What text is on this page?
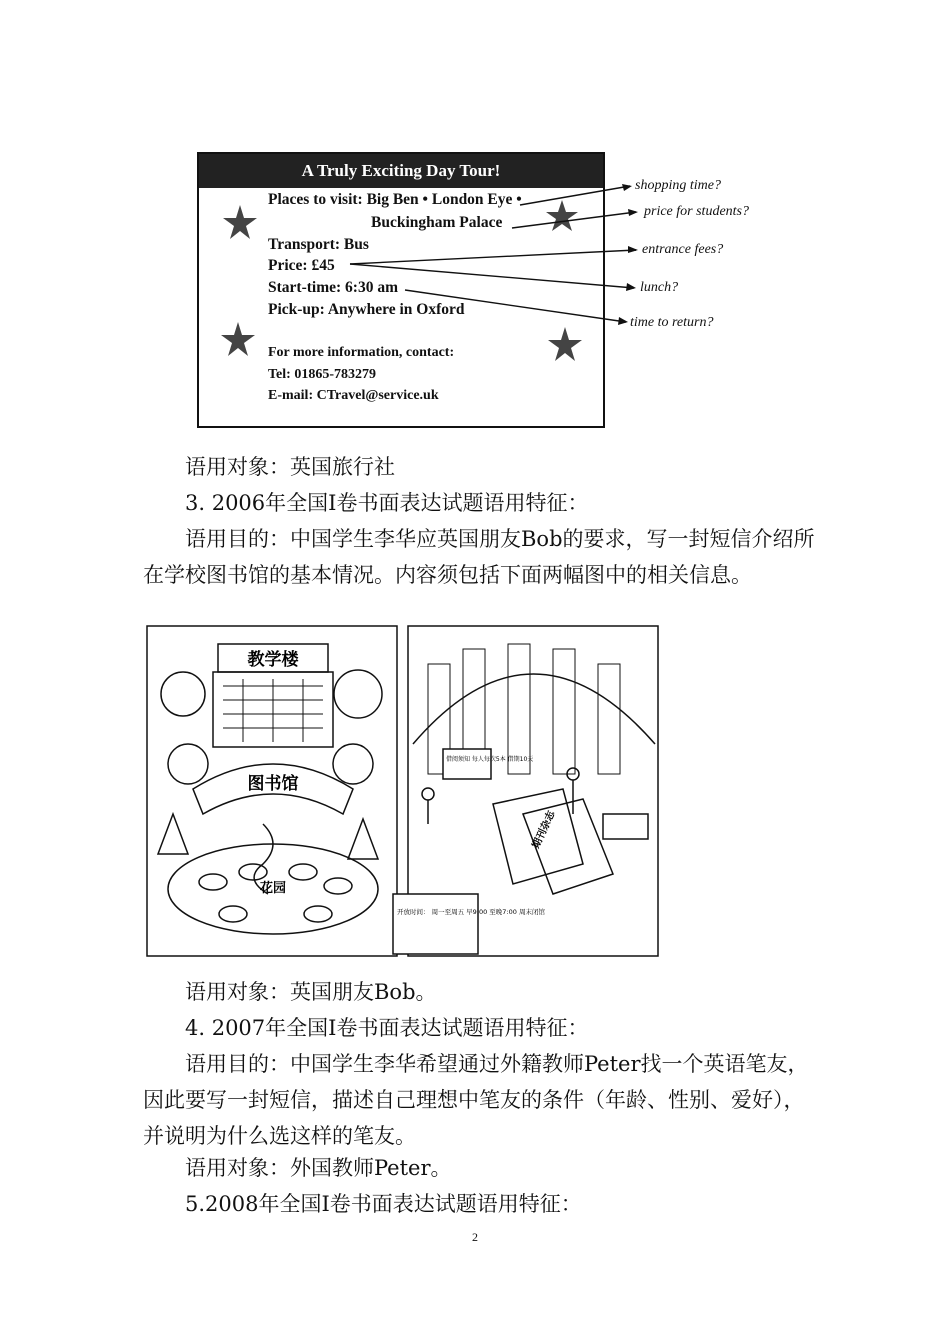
A Truly Exciting Day Tour!
Places to visit: Big Ben • London Eye •
Buckingham Palace
Transport: Bus
Price: £45
Start-time: 6:30 am
Pick-up: Anywhere in Oxford
For more information, contact:
Tel: 01865-783279
E-mail: CTravel@service.uk
shopping time?
price for students?
entrance fees?
lunch?
time to return?
语用对象：英国旅行社
3. 2006年全国I卷书面表达试题语用特征：
语用目的：中国学生李华应英国朋友Bob的要求，写一封短信介绍所在学校图书馆的基本情况。内容须包括下面两幅图中的相关信息。
教学楼
图书馆
花园
借阅须知 每人每次5本 借期10天
期刊杂志
开放时间： 周一至周五 早9:00 至晚7:00 周末闭馆
语用对象：英国朋友Bob。
4. 2007年全国I卷书面表达试题语用特征：
语用目的：中国学生李华希望通过外籍教师Peter找一个英语笔友，因此要写一封短信，描述自己理想中笔友的条件（年龄、性别、爱好），并说明为什么选这样的笔友。
语用对象：外国教师Peter。
5.2008年全国I卷书面表达试题语用特征：
2
